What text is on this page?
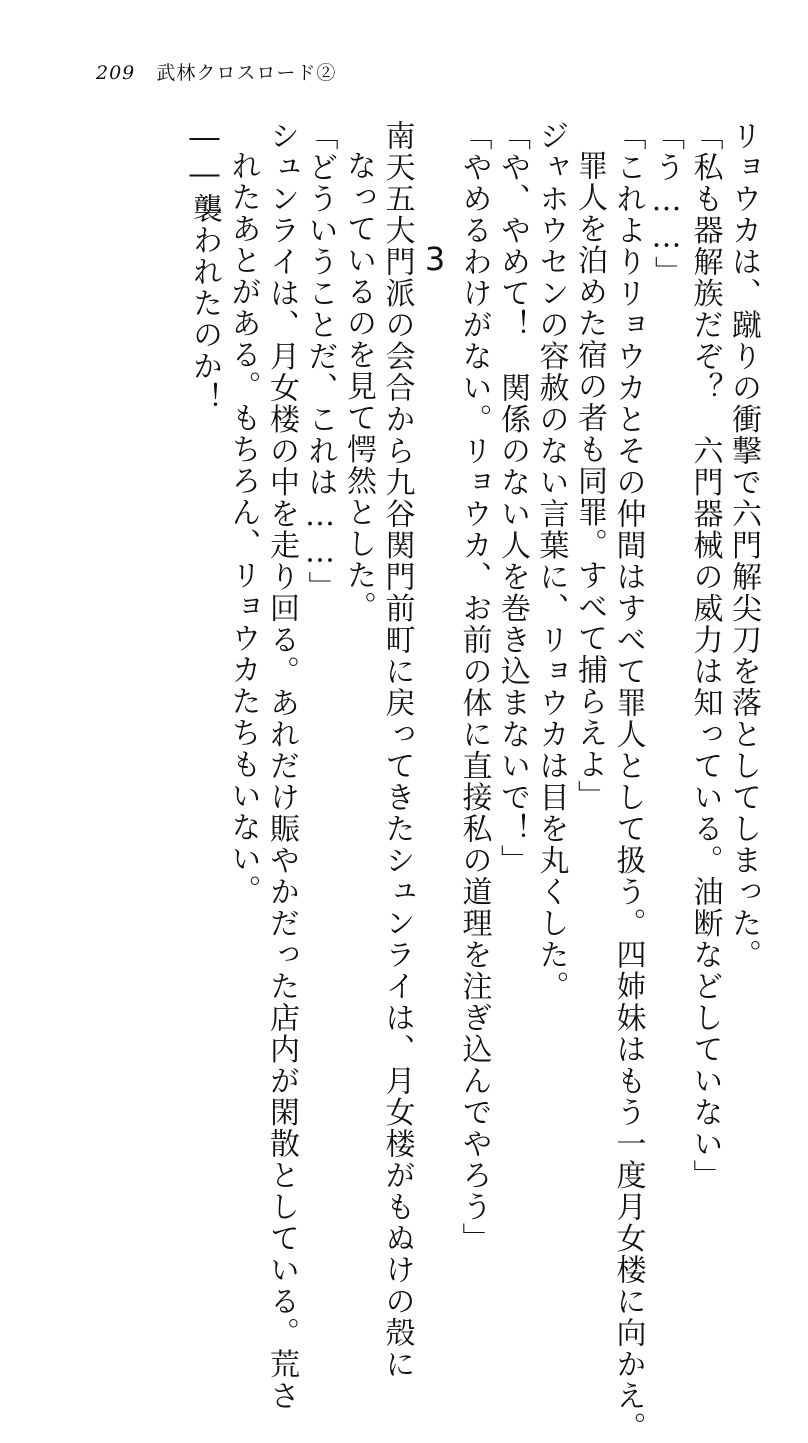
209 武林クロスロード②
リョウカは、蹴りの衝撃で六門解尖刀を落としてしまった。
「私も器解族だぞ？　六門器械の威力は知っている。油断などしていない」
「う……」
「これよりリョウカとその仲間はすべて罪人として扱う。四姉妹はもう一度月女楼に向かえ。
罪人を泊めた宿の者も同罪。すべて捕らえよ」
ジャホウセンの容赦のない言葉に、リョウカは目を丸くした。
「や、やめて！　関係のない人を巻き込まないで！」
「やめるわけがない。リョウカ、お前の体に直接私の道理を注ぎ込んでやろう」
3
南天五大門派の会合から九谷関門前町に戻ってきたシュンライは、月女楼がもぬけの殻に
なっているのを見て愕然とした。
「どういうことだ、これは……」
シュンライは、月女楼の中を走り回る。あれだけ賑やかだった店内が閑散としている。荒さ
れたあとがある。もちろん、リョウカたちもいない。
――襲われたのか！
